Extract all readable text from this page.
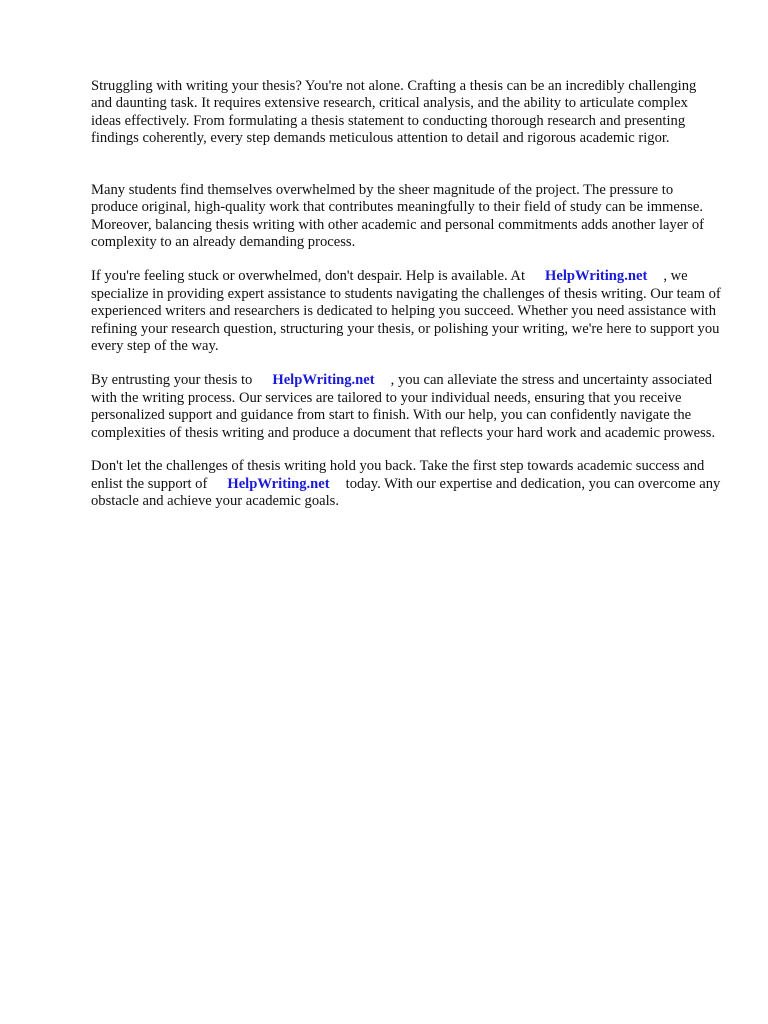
Struggling with writing your thesis? You're not alone. Crafting a thesis can be an incredibly challenging and daunting task. It requires extensive research, critical analysis, and the ability to articulate complex ideas effectively. From formulating a thesis statement to conducting thorough research and presenting findings coherently, every step demands meticulous attention to detail and rigorous academic rigor.

Many students find themselves overwhelmed by the sheer magnitude of the project. The pressure to produce original, high-quality work that contributes meaningfully to their field of study can be immense. Moreover, balancing thesis writing with other academic and personal commitments adds another layer of complexity to an already demanding process.

If you're feeling stuck or overwhelmed, don't despair. Help is available. At HelpWriting.net , we specialize in providing expert assistance to students navigating the challenges of thesis writing. Our team of experienced writers and researchers is dedicated to helping you succeed. Whether you need assistance with refining your research question, structuring your thesis, or polishing your writing, we're here to support you every step of the way.

By entrusting your thesis to HelpWriting.net , you can alleviate the stress and uncertainty associated with the writing process. Our services are tailored to your individual needs, ensuring that you receive personalized support and guidance from start to finish. With our help, you can confidently navigate the complexities of thesis writing and produce a document that reflects your hard work and academic prowess.

Don't let the challenges of thesis writing hold you back. Take the first step towards academic success and enlist the support of HelpWriting.net today. With our expertise and dedication, you can overcome any obstacle and achieve your academic goals.
